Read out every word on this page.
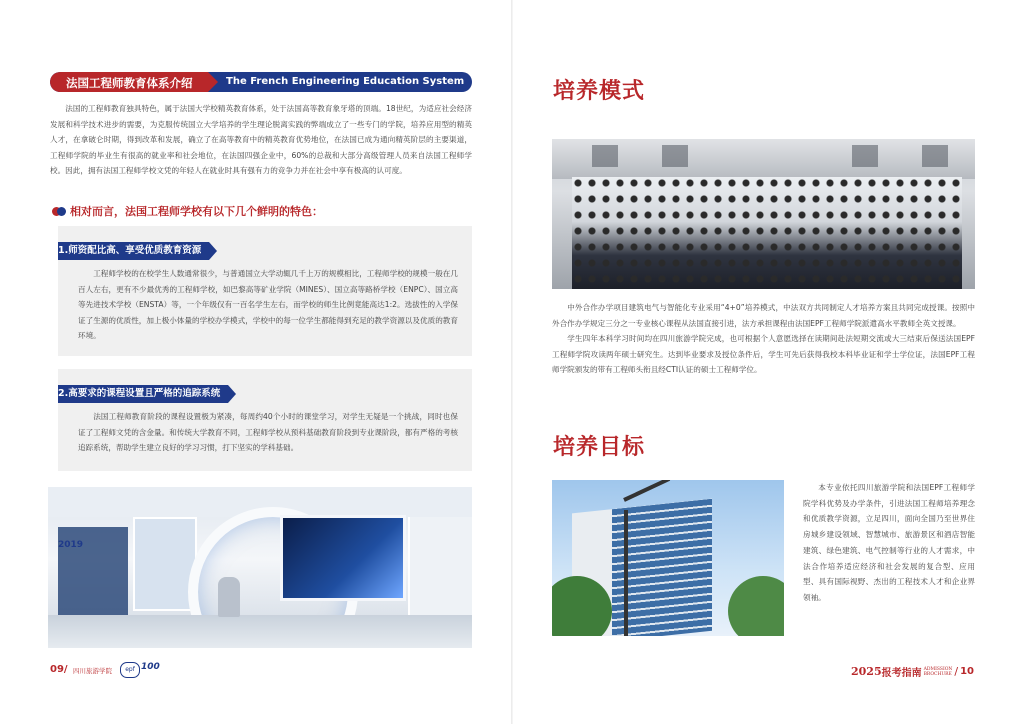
法国工程师教育体系介绍	The French Engineering Education System
法国的工程师教育独具特色，属于法国大学校精英教育体系，处于法国高等教育象牙塔的顶端。18世纪，为适应社会经济发展和科学技术进步的需要，为克服传统国立大学培养的学生理论脱离实践的弊端成立了一些专门的学院，培养应用型的精英人才，在拿破仑时期，得到改革和发展，确立了在高等教育中的精英教育优势地位，在法国已成为通向精英阶层的主要渠道，工程师学院的毕业生有很高的就业率和社会地位，在法国四强企业中，60%的总裁和大部分高级管理人员来自法国工程师学校。因此，拥有法国工程师学校文凭的年轻人在就业时具有强有力的竞争力并在社会中享有极高的认可度。
相对而言，法国工程师学校有以下几个鲜明的特色：
1.师资配比高、享受优质教育资源
工程师学校的在校学生人数通常很少，与普通国立大学动辄几千上万的规模相比，工程师学校的规模一般在几百人左右，更有不少最优秀的工程师学校，如巴黎高等矿业学院（MINES）、国立高等路桥学校（ENPC）、国立高等先进技术学校（ENSTA）等，一个年级仅有一百名学生左右，而学校的师生比例竟能高达1:2。选拔性的入学保证了生源的优质性，加上极小体量的学校办学模式，学校中的每一位学生都能得到充足的教学资源以及优质的教育环境。
2.高要求的课程设置且严格的追踪系统
法国工程师教育阶段的课程设置极为紧凑，每周约40个小时的课堂学习，对学生无疑是一个挑战，同时也保证了工程师文凭的含金量。和传统大学教育不同，工程师学校从预科基础教育阶段到专业课阶段，都有严格的考核追踪系统，帮助学生建立良好的学习习惯，打下坚实的学科基础。
2019
09/ 四川旅游学院	epf 100
培养模式

中外合作办学项目建筑电气与智能化专业采用“4+0”培养模式，中法双方共同制定人才培养方案且共同完成授课。按照中外合作办学规定三分之一专业核心课程从法国直接引进，法方承担课程由法国EPF工程师学院派遣高水平教师全英文授课。

学生四年本科学习时间均在四川旅游学院完成，也可根据个人意愿选择在读期间赴法短期交流或大三结束后保送法国EPF工程师学院攻读两年硕士研究生。达到毕业要求及授位条件后，学生可先后获得我校本科毕业证和学士学位证，法国EPF工程师学院颁发的带有工程师头衔且经CTI认证的硕士工程师学位。

培养目标
本专业依托四川旅游学院和法国EPF工程师学院学科优势及办学条件，引进法国工程师培养理念和优质教学资源，立足四川，面向全国乃至世界住房城乡建设领域、智慧城市、旅游景区和酒店智能建筑、绿色建筑、电气控制等行业的人才需求，中法合作培养适应经济和社会发展的复合型、应用型、具有国际视野、杰出的工程技术人才和企业界领袖。
2025报考指南 ADMISSION
BROCHURE / 10
